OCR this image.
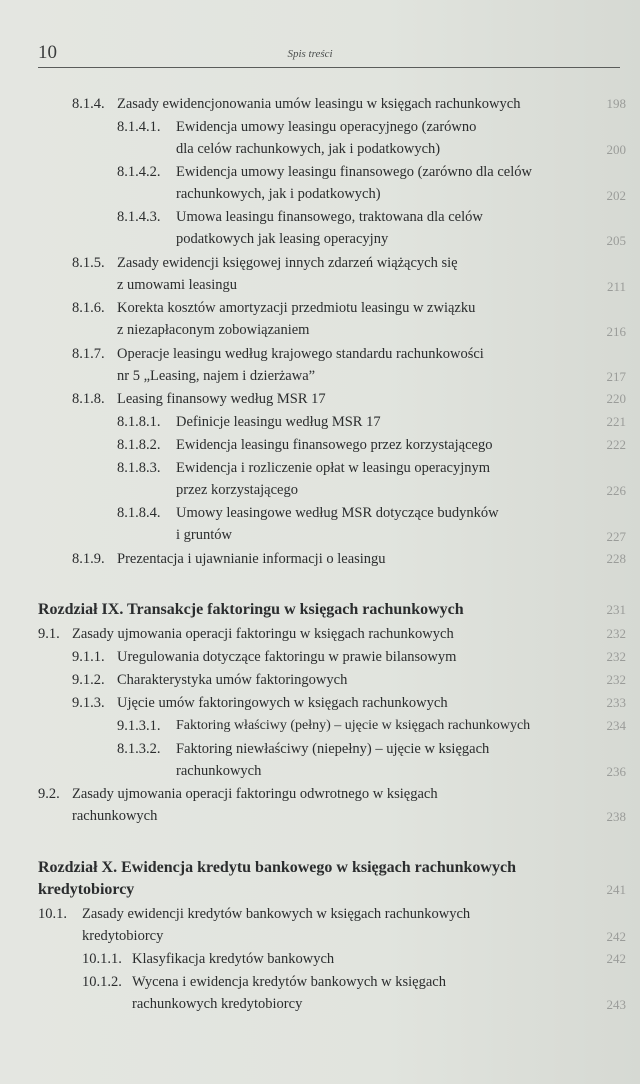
10	Spis treści
8.1.4. Zasady ewidencjonowania umów leasingu w księgach rachunkowych	198
8.1.4.1. Ewidencja umowy leasingu operacyjnego (zarówno
dla celów rachunkowych, jak i podatkowych)	200
8.1.4.2. Ewidencja umowy leasingu finansowego (zarówno dla celów
rachunkowych, jak i podatkowych)	202
8.1.4.3. Umowa leasingu finansowego, traktowana dla celów
podatkowych jak leasing operacyjny	205
8.1.5. Zasady ewidencji księgowej innych zdarzeń wiążących się
z umowami leasingu	211
8.1.6. Korekta kosztów amortyzacji przedmiotu leasingu w związku
z niezapłaconym zobowiązaniem	216
8.1.7. Operacje leasingu według krajowego standardu rachunkowości
nr 5 „Leasing, najem i dzierżawa”	217
8.1.8. Leasing finansowy według MSR 17	220
8.1.8.1. Definicje leasingu według MSR 17	221
8.1.8.2. Ewidencja leasingu finansowego przez korzystającego	222
8.1.8.3. Ewidencja i rozliczenie opłat w leasingu operacyjnym
przez korzystającego	226
8.1.8.4. Umowy leasingowe według MSR dotyczące budynków
i gruntów	227
8.1.9. Prezentacja i ujawnianie informacji o leasingu	228
Rozdział IX. Transakcje faktoringu w księgach rachunkowych	231
9.1. Zasady ujmowania operacji faktoringu w księgach rachunkowych	232
9.1.1. Uregulowania dotyczące faktoringu w prawie bilansowym	232
9.1.2. Charakterystyka umów faktoringowych	232
9.1.3. Ujęcie umów faktoringowych w księgach rachunkowych	233
9.1.3.1. Faktoring właściwy (pełny) – ujęcie w księgach rachunkowych	234
8.1.3.2. Faktoring niewłaściwy (niepełny) – ujęcie w księgach
rachunkowych	236
9.2. Zasady ujmowania operacji faktoringu odwrotnego w księgach
rachunkowych	238
Rozdział X. Ewidencja kredytu bankowego w księgach rachunkowych
kredytobiorcy	241
10.1. Zasady ewidencji kredytów bankowych w księgach rachunkowych
kredytobiorcy	242
10.1.1. Klasyfikacja kredytów bankowych	242
10.1.2. Wycena i ewidencja kredytów bankowych w księgach
rachunkowych kredytobiorcy	243
